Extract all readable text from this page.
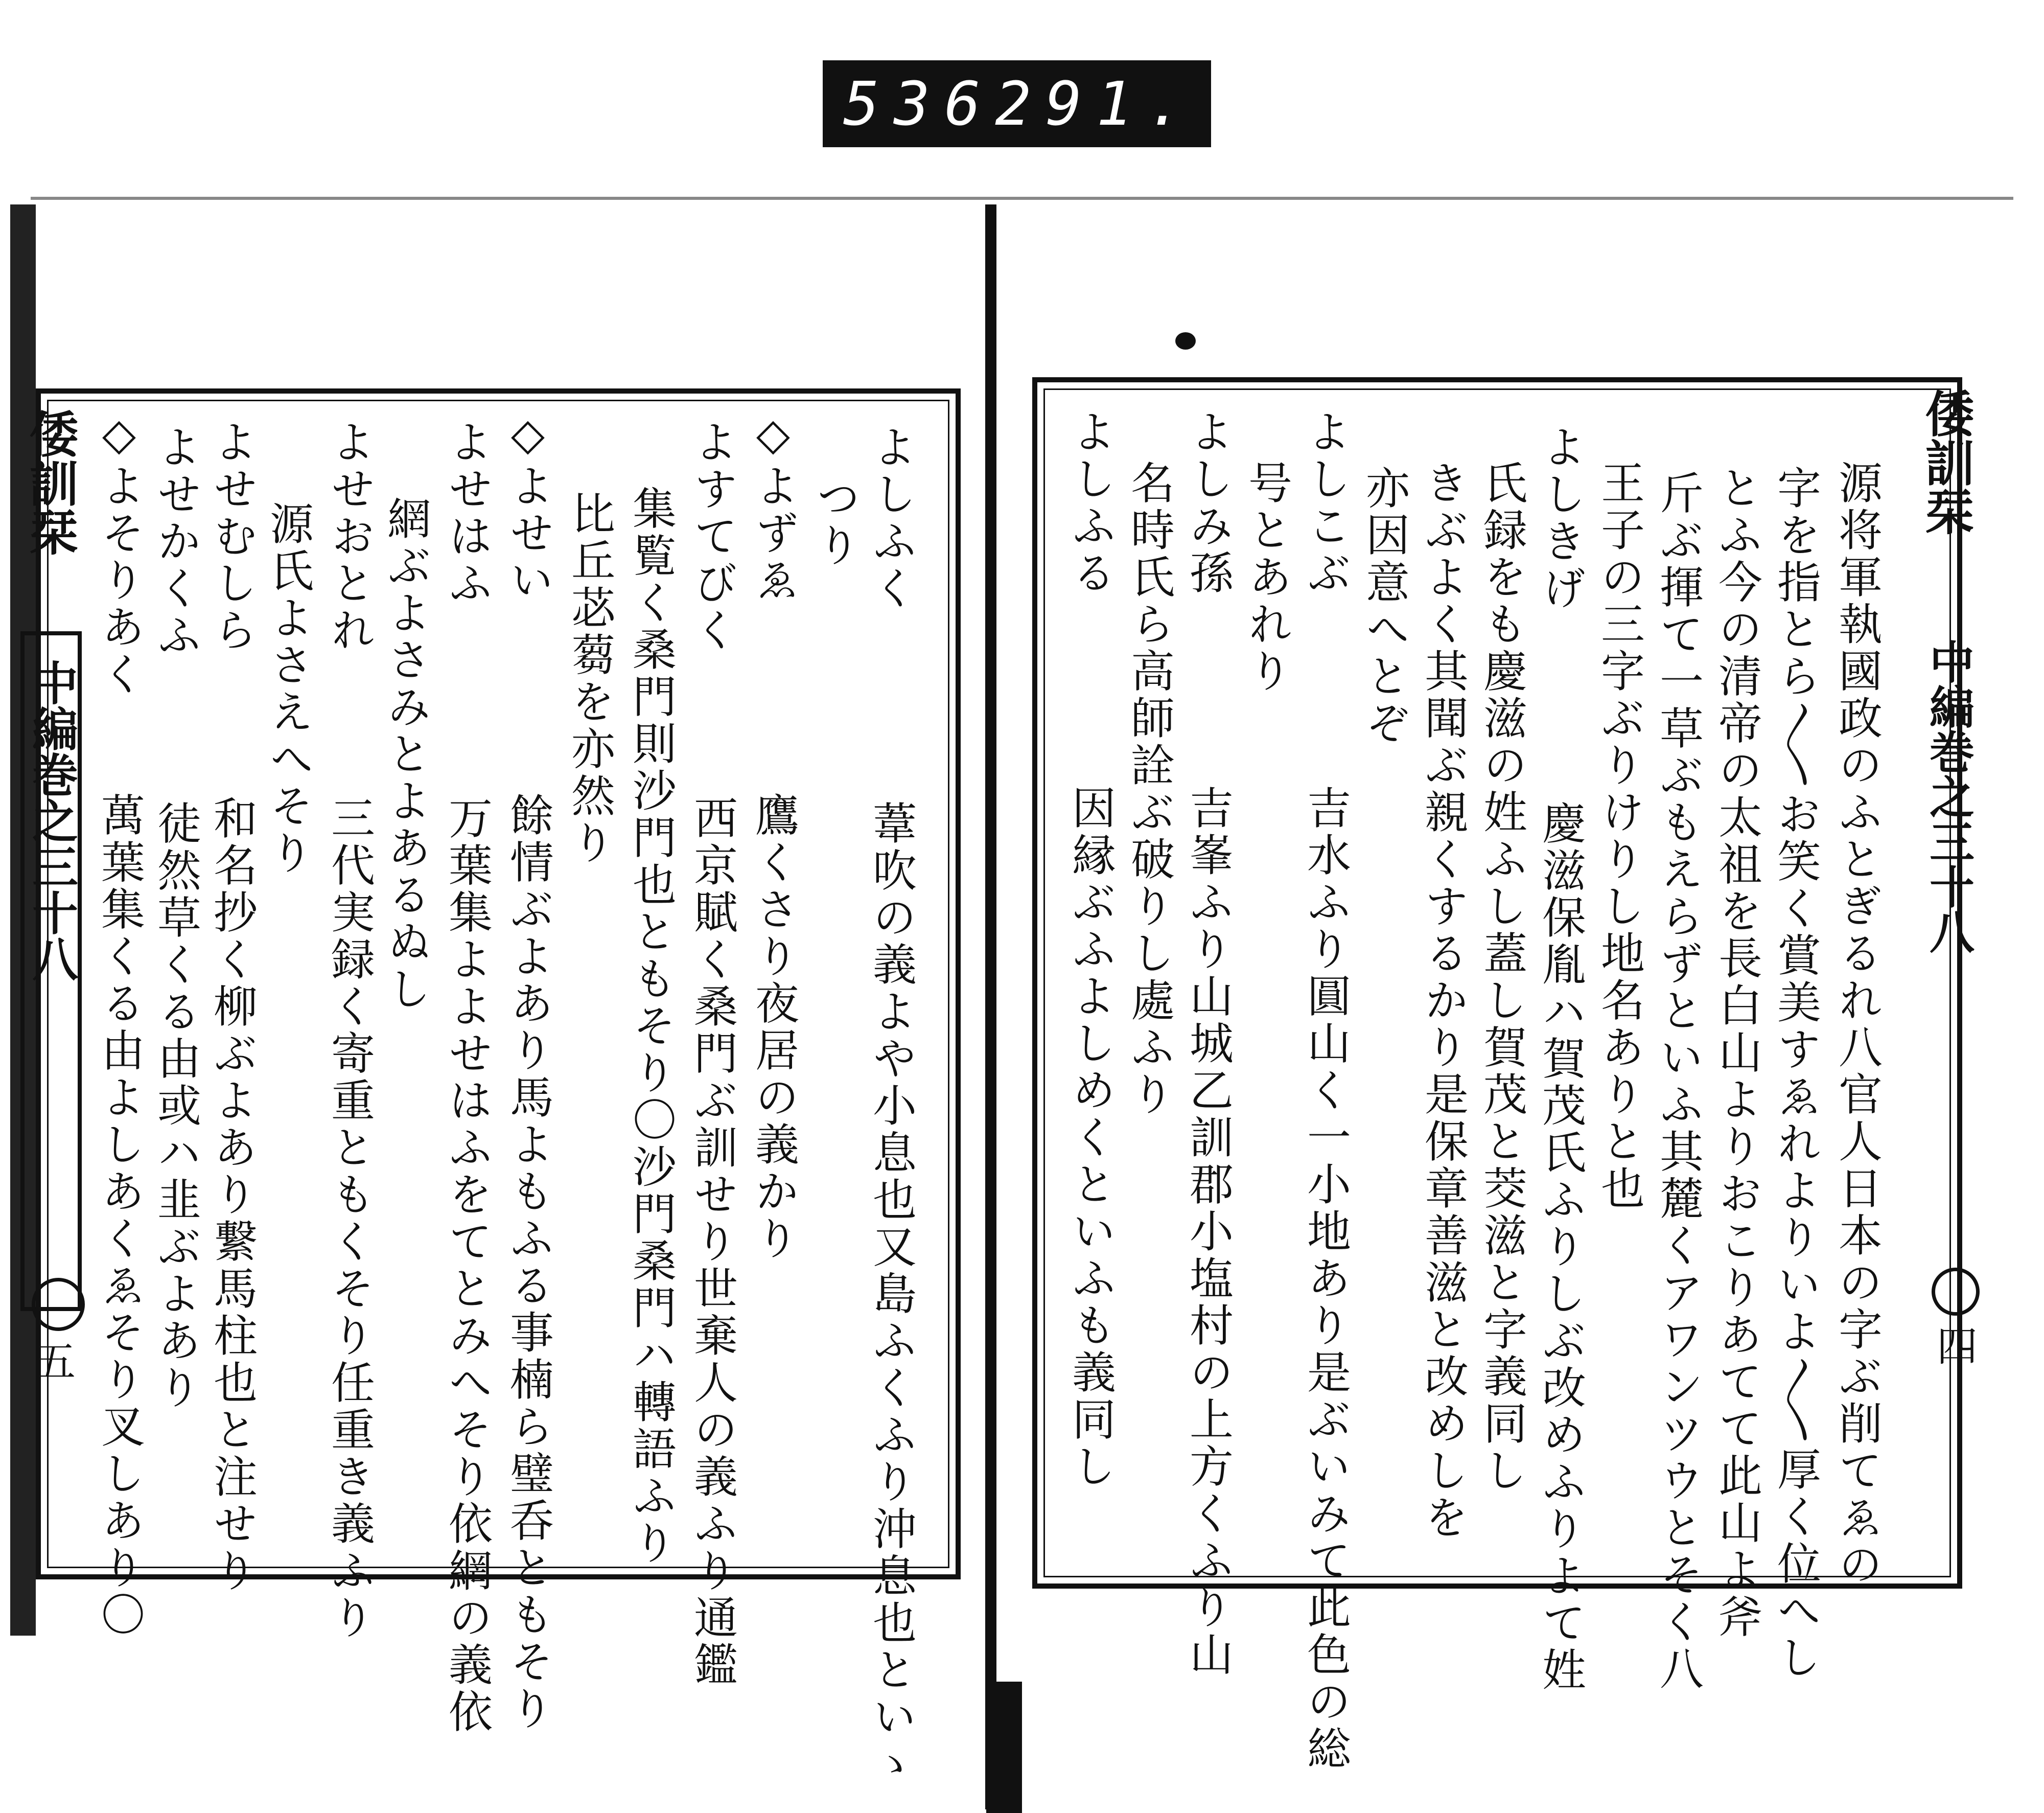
536 291.
倭訓栞
中編巻之三十八
五	よしふく　　　　葦吹の義よや小息也又島ふくふり沖息也といゝ
つり
◇よずゑ　　　　鷹くさり夜居の義かり
よすてびく　　　西京賦く桑門ぶ訓せり世棄人の義ふり通鑑
集覧く桑門則沙門也ともそり〇沙門桑門ハ轉語ふり
比丘苾蒭を亦然り
◇よせい　　　　餘情ぶよあり馬よもふる事楠ら璧呑ともそり
よせはふ　　　　万葉集よよせはふをてとみへそり依網の義依
網ぶよさみとよあるぬし
よせおとれ　　　三代実録く寄重ともくそり任重き義ふり
源氏よさえへそり
よせむしら　　　和名抄く柳ぶよあり繋馬柱也と注せり
よせかくふ　　　徒然草くる由或ハ韭ぶよあり
◇よそりあく　　萬葉集くる由よしあくゑそり叉しあり〇	倭訓栞
中編巻之三十八
四
源将軍執國政のふとぎるれ八官人日本の字ぶ削てゑの
字を指とら〳〵お笑く賞美すゑれよりいよ〳〵厚く位へし
とふ今の清帝の太祖を長白山よりおこりあてて此山よ斧
斤ぶ揮て一草ぶもえらずといふ其麓くアワンツウとそく八
王子の三字ぶりけりし地名ありと也
よしきげ　　　　慶滋保胤ハ賀茂氏ふりしぶ改めふりよて姓
氏録をも慶滋の姓ふし蓋し賀茂と茭滋と字義同し
きぶよく其聞ぶ親くするかり是保章善滋と改めしを
亦因意へとぞ
よしこぶ　　　　吉水ふり圓山く一小地あり是ぶいみて此色の総
号とあれり
よしみ孫　　　　吉峯ふり山城乙訓郡小塩村の上方くふり山
名時氏ら高師詮ぶ破りし處ふり
よしふる　　　　因縁ぶふよしめくといふも義同し
